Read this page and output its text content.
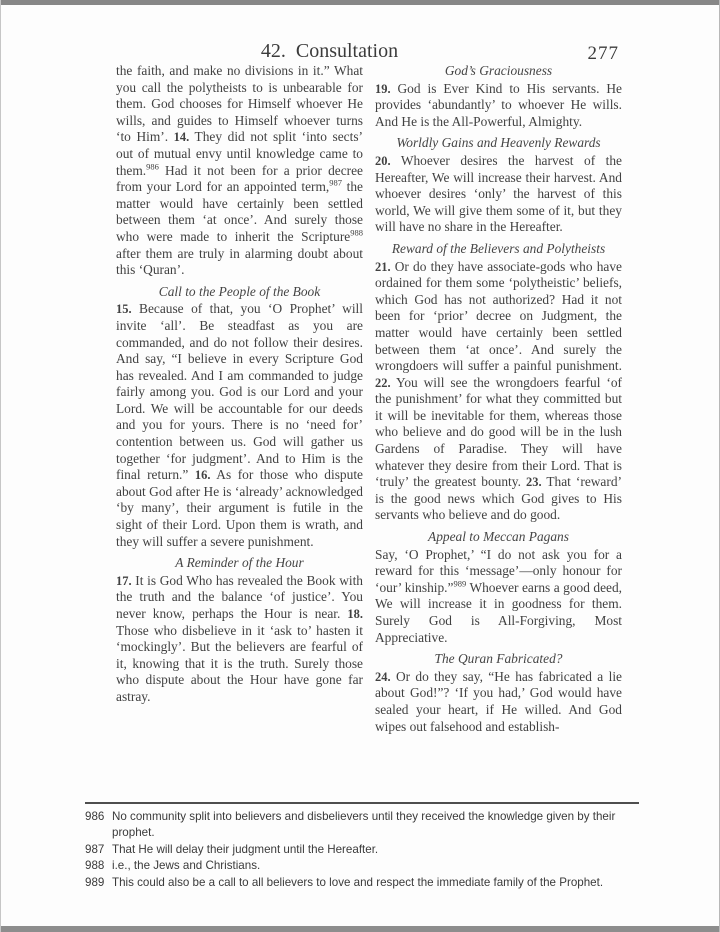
42. Consultation	277

the faith, and make no divisions in it.” What you call the polytheists to is unbearable for them. God chooses for Himself whoever He wills, and guides to Himself whoever turns ‘to Him’. 14. They did not split ‘into sects’ out of mutual envy until knowledge came to them.$^{986}$ Had it not been for a prior decree from your Lord for an appointed term,$^{987}$ the matter would have certainly been settled between them ‘at once’. And surely those who were made to inherit the Scripture$^{988}$ after them are truly in alarming doubt about this ‘Quran’.

Call to the People of the Book

15. Because of that, you ‘O Prophet’ will invite ‘all’. Be steadfast as you are commanded, and do not follow their desires. And say, “I believe in every Scripture God has revealed. And I am commanded to judge fairly among you. God is our Lord and your Lord. We will be accountable for our deeds and you for yours. There is no ‘need for’ contention between us. God will gather us together ‘for judgment’. And to Him is the final return.” 16. As for those who dispute about God after He is ‘already’ acknowledged ‘by many’, their argument is futile in the sight of their Lord. Upon them is wrath, and they will suffer a severe punishment.

A Reminder of the Hour

17. It is God Who has revealed the Book with the truth and the balance ‘of justice’. You never know, perhaps the Hour is near. 18. Those who disbelieve in it ‘ask to’ hasten it ‘mockingly’. But the believers are fearful of it, knowing that it is the truth. Surely those who dispute about the Hour have gone far astray.

God’s Graciousness

19. God is Ever Kind to His servants. He provides ‘abundantly’ to whoever He wills. And He is the All-Powerful, Almighty.

Worldly Gains and Heavenly Rewards

20. Whoever desires the harvest of the Hereafter, We will increase their harvest. And whoever desires ‘only’ the harvest of this world, We will give them some of it, but they will have no share in the Hereafter.

Reward of the Believers and Polytheists

21. Or do they have associate-gods who have ordained for them some ‘polytheistic’ beliefs, which God has not authorized? Had it not been for ‘prior’ decree on Judgment, the matter would have certainly been settled between them ‘at once’. And surely the wrongdoers will suffer a painful punishment. 22. You will see the wrongdoers fearful ‘of the punishment’ for what they committed but it will be inevitable for them, whereas those who believe and do good will be in the lush Gardens of Paradise. They will have whatever they desire from their Lord. That is ‘truly’ the greatest bounty. 23. That ‘reward’ is the good news which God gives to His servants who believe and do good.

Appeal to Meccan Pagans

Say, ‘O Prophet,’ “I do not ask you for a reward for this ‘message’—only honour for ‘our’ kinship.”$^{989}$ Whoever earns a good deed, We will increase it in goodness for them. Surely God is All-Forgiving, Most Appreciative.

The Quran Fabricated?

24. Or do they say, “He has fabricated a lie about God!”? ‘If you had,’ God would have sealed your heart, if He willed. And God wipes out falsehood and establish-

986 No community split into believers and disbelievers until they received the knowledge given by their prophet.
987 That He will delay their judgment until the Hereafter.
988 i.e., the Jews and Christians.
989 This could also be a call to all believers to love and respect the immediate family of the Prophet.
